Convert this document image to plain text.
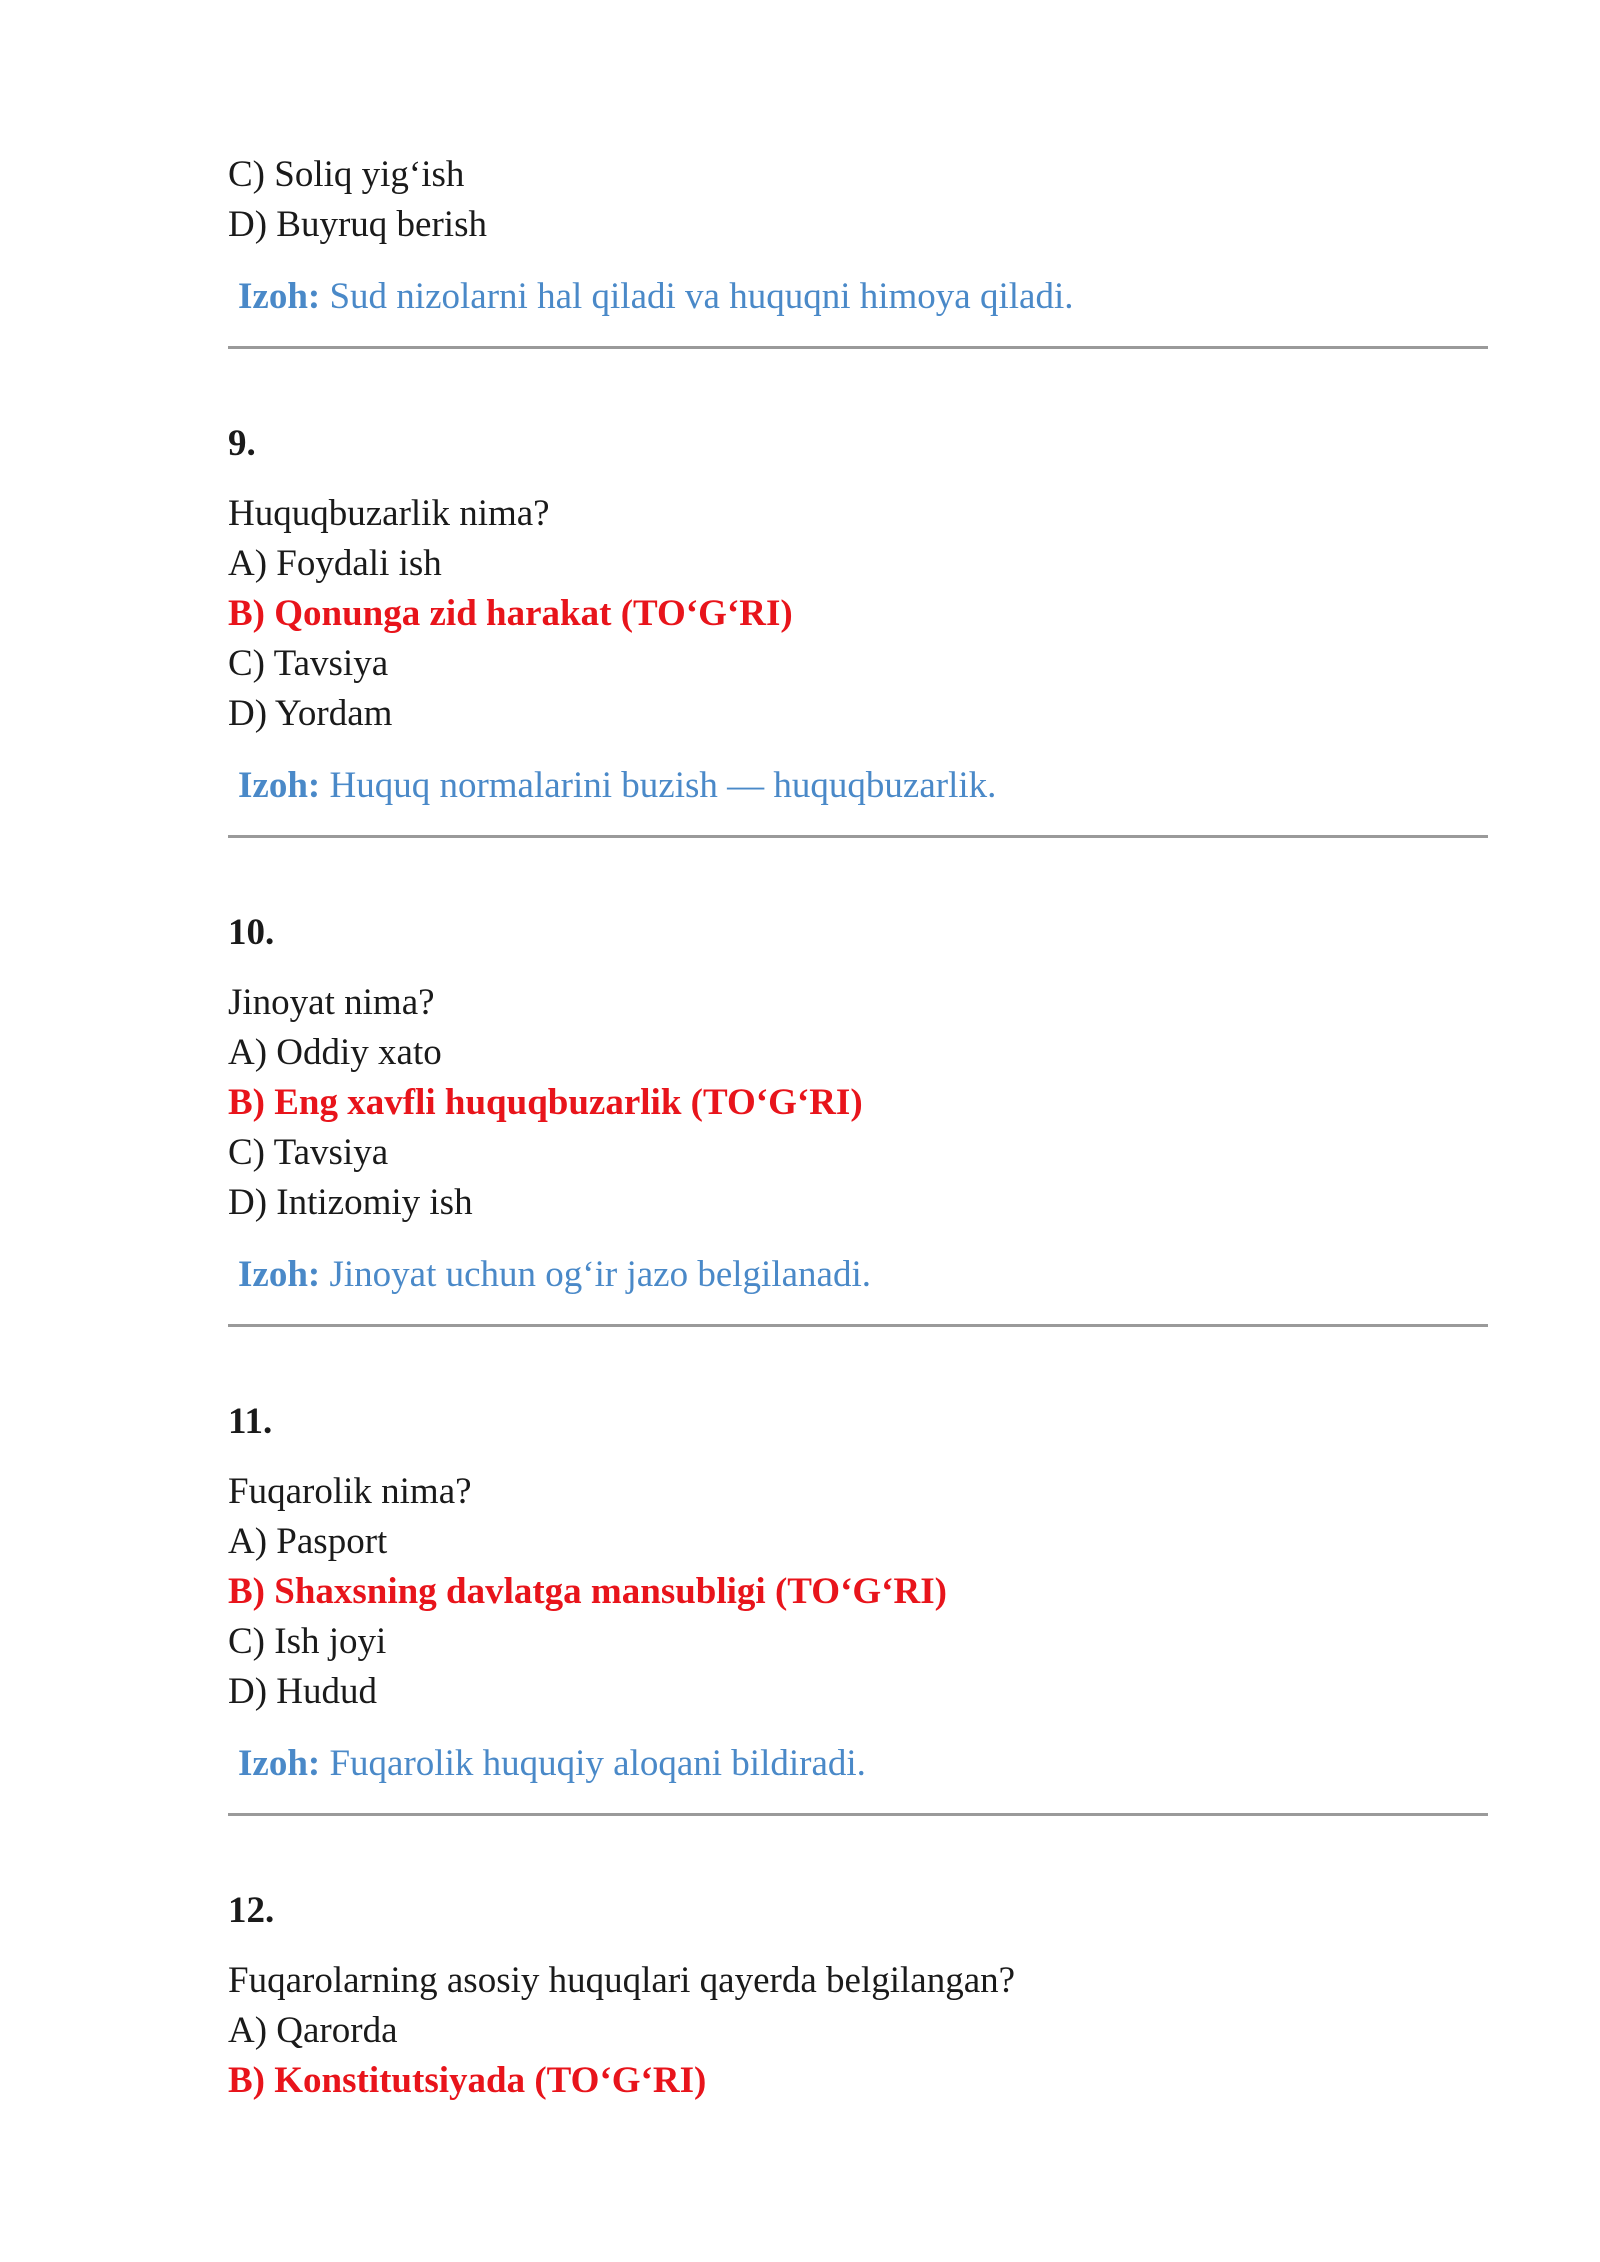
C) Soliq yig‘ish
D) Buyruq berish
Izoh: Sud nizolarni hal qiladi va huquqni himoya qiladi.
9.
Huquqbuzarlik nima?
A) Foydali ish
B) Qonunga zid harakat (TO‘G‘RI)
C) Tavsiya
D) Yordam
Izoh: Huquq normalarini buzish — huquqbuzarlik.
10.
Jinoyat nima?
A) Oddiy xato
B) Eng xavfli huquqbuzarlik (TO‘G‘RI)
C) Tavsiya
D) Intizomiy ish
Izoh: Jinoyat uchun og‘ir jazo belgilanadi.
11.
Fuqarolik nima?
A) Pasport
B) Shaxsning davlatga mansubligi (TO‘G‘RI)
C) Ish joyi
D) Hudud
Izoh: Fuqarolik huquqiy aloqani bildiradi.
12.
Fuqarolarning asosiy huquqlari qayerda belgilangan?
A) Qarorda
B) Konstitutsiyada (TO‘G‘RI)
